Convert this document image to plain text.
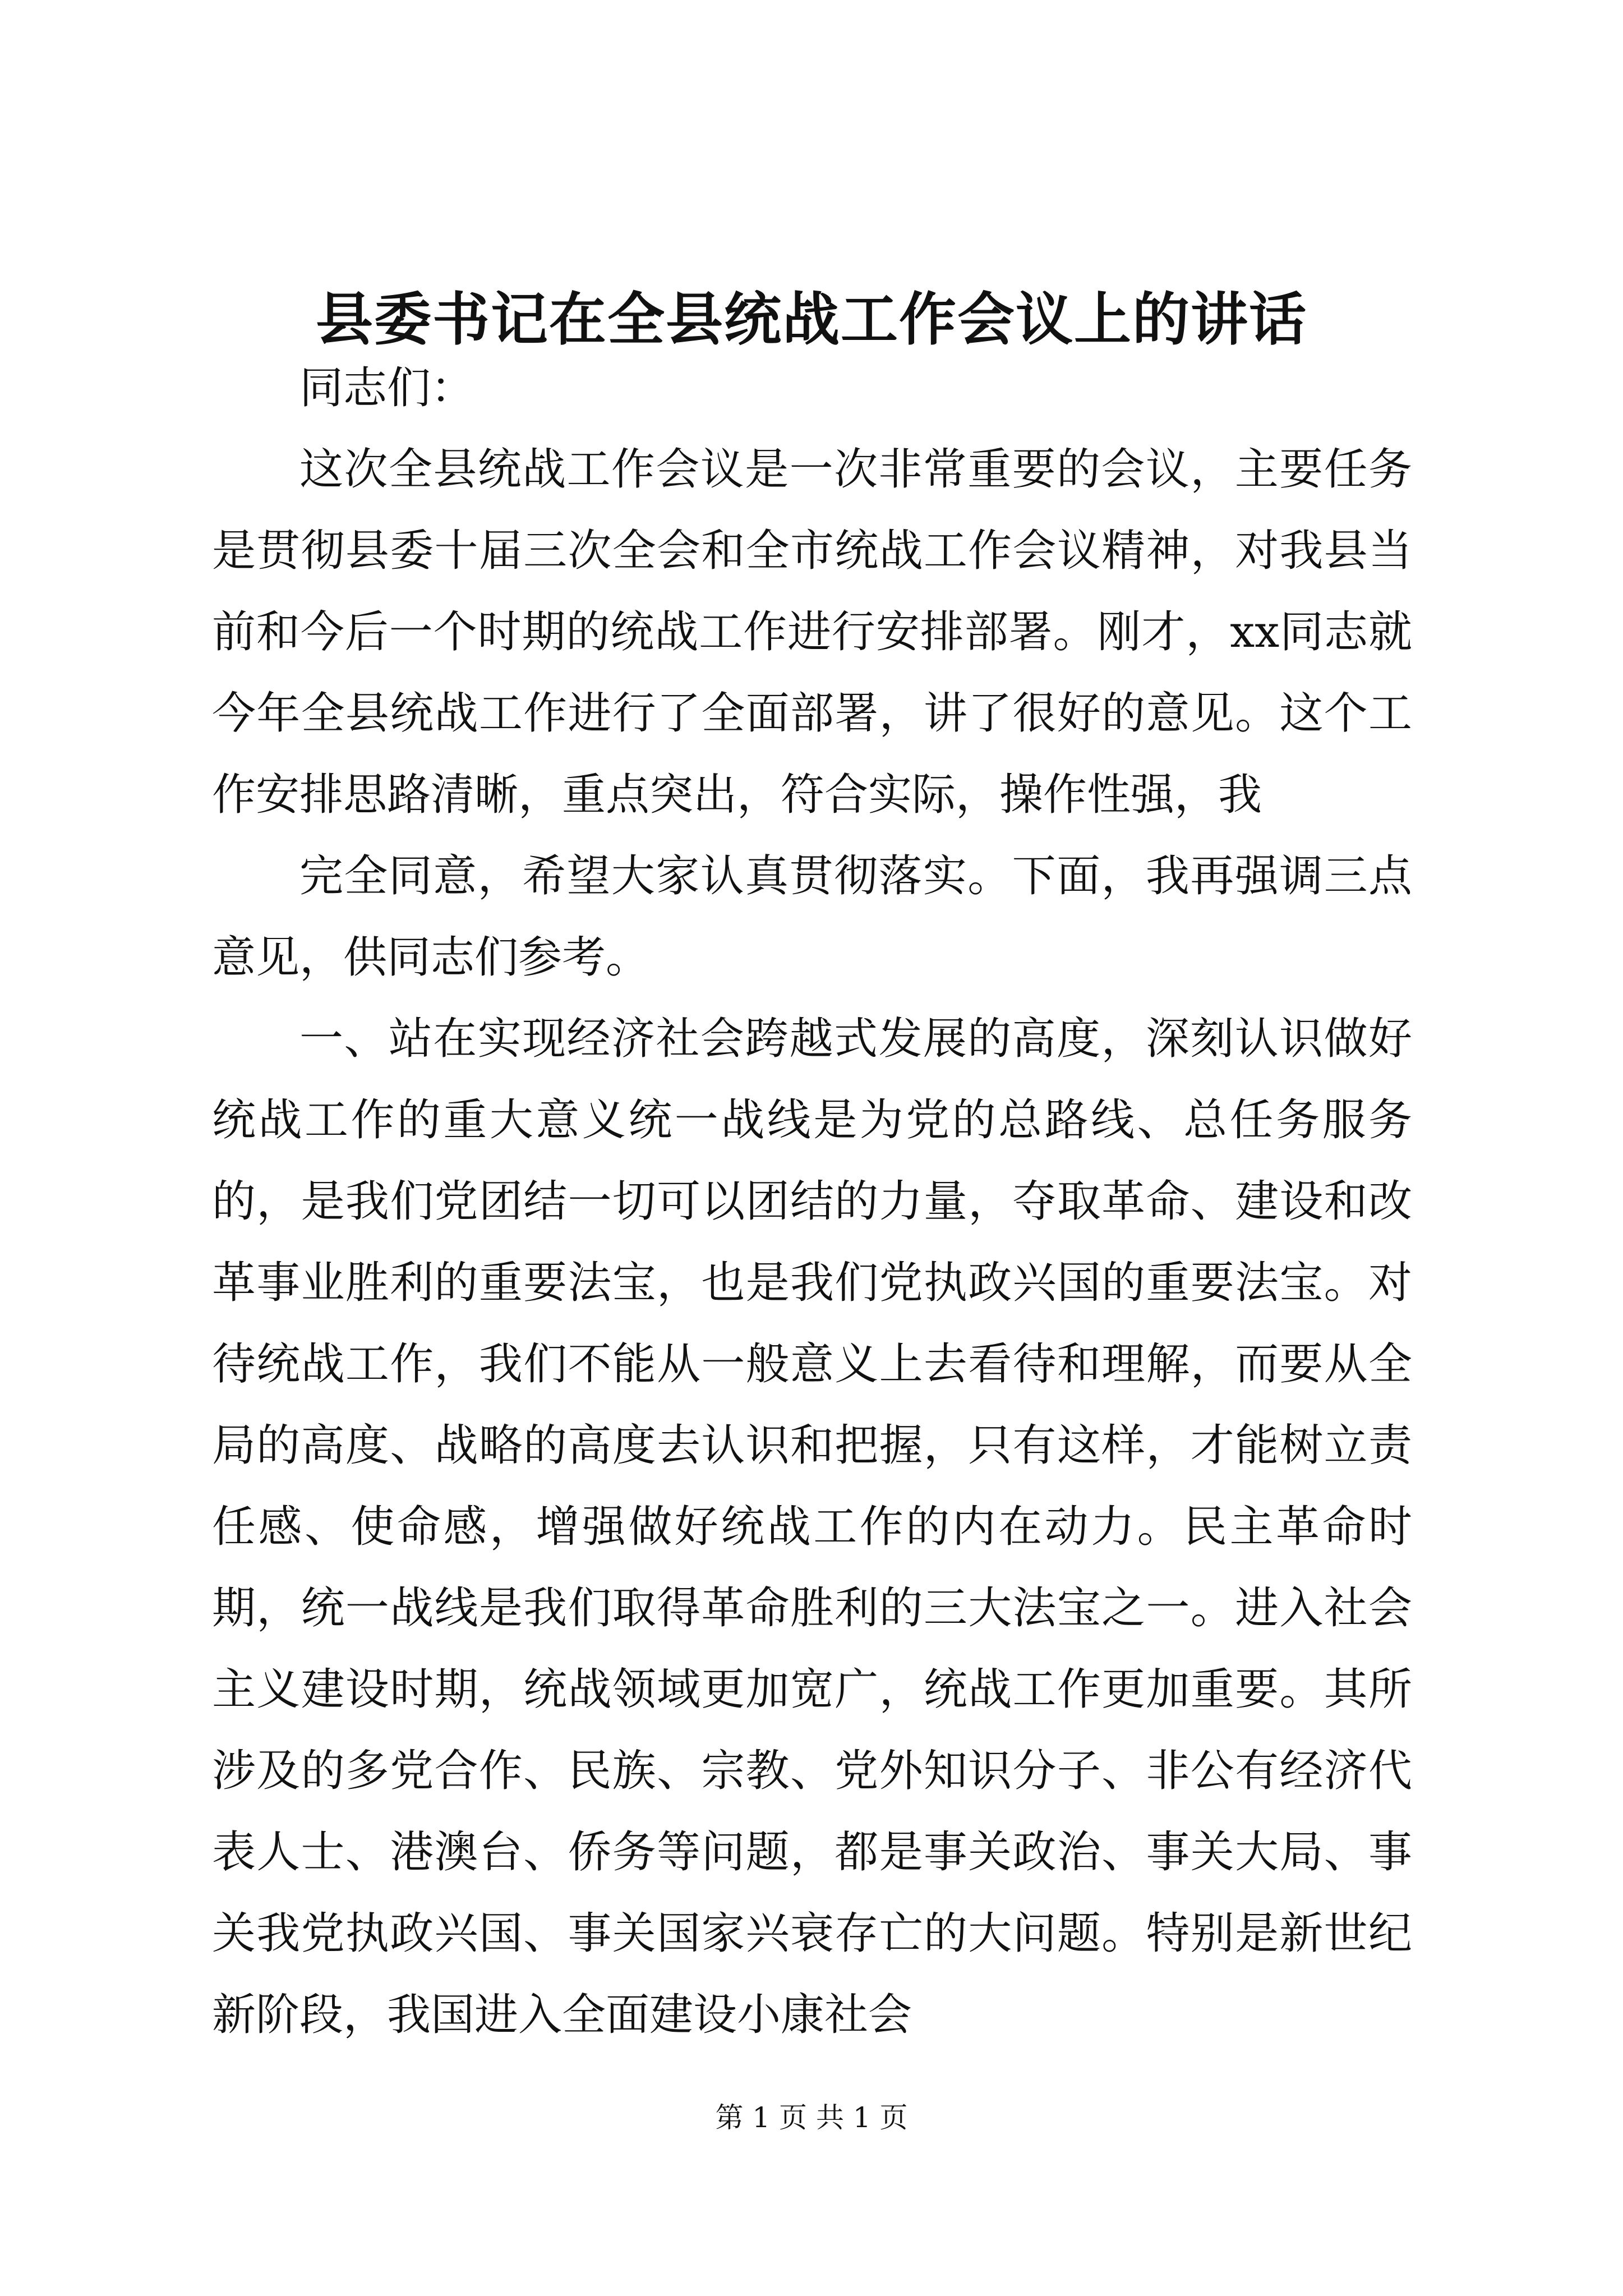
县委书记在全县统战工作会议上的讲话

同志们：

这次全县统战工作会议是一次非常重要的会议，主要任务是贯彻县委十届三次全会和全市统战工作会议精神，对我县当前和今后一个时期的统战工作进行安排部署。刚才，xx同志就今年全县统战工作进行了全面部署，讲了很好的意见。这个工作安排思路清晰，重点突出，符合实际，操作性强，我

完全同意，希望大家认真贯彻落实。下面，我再强调三点意见，供同志们参考。

一、站在实现经济社会跨越式发展的高度，深刻认识做好统战工作的重大意义统一战线是为党的总路线、总任务服务的，是我们党团结一切可以团结的力量，夺取革命、建设和改革事业胜利的重要法宝，也是我们党执政兴国的重要法宝。对待统战工作，我们不能从一般意义上去看待和理解，而要从全局的高度、战略的高度去认识和把握，只有这样，才能树立责任感、使命感，增强做好统战工作的内在动力。民主革命时期，统一战线是我们取得革命胜利的三大法宝之一。进入社会主义建设时期，统战领域更加宽广，统战工作更加重要。其所涉及的多党合作、民族、宗教、党外知识分子、非公有经济代表人士、港澳台、侨务等问题，都是事关政治、事关大局、事关我党执政兴国、事关国家兴衰存亡的大问题。特别是新世纪新阶段，我国进入全面建设小康社会

第 1 页 共 1 页
